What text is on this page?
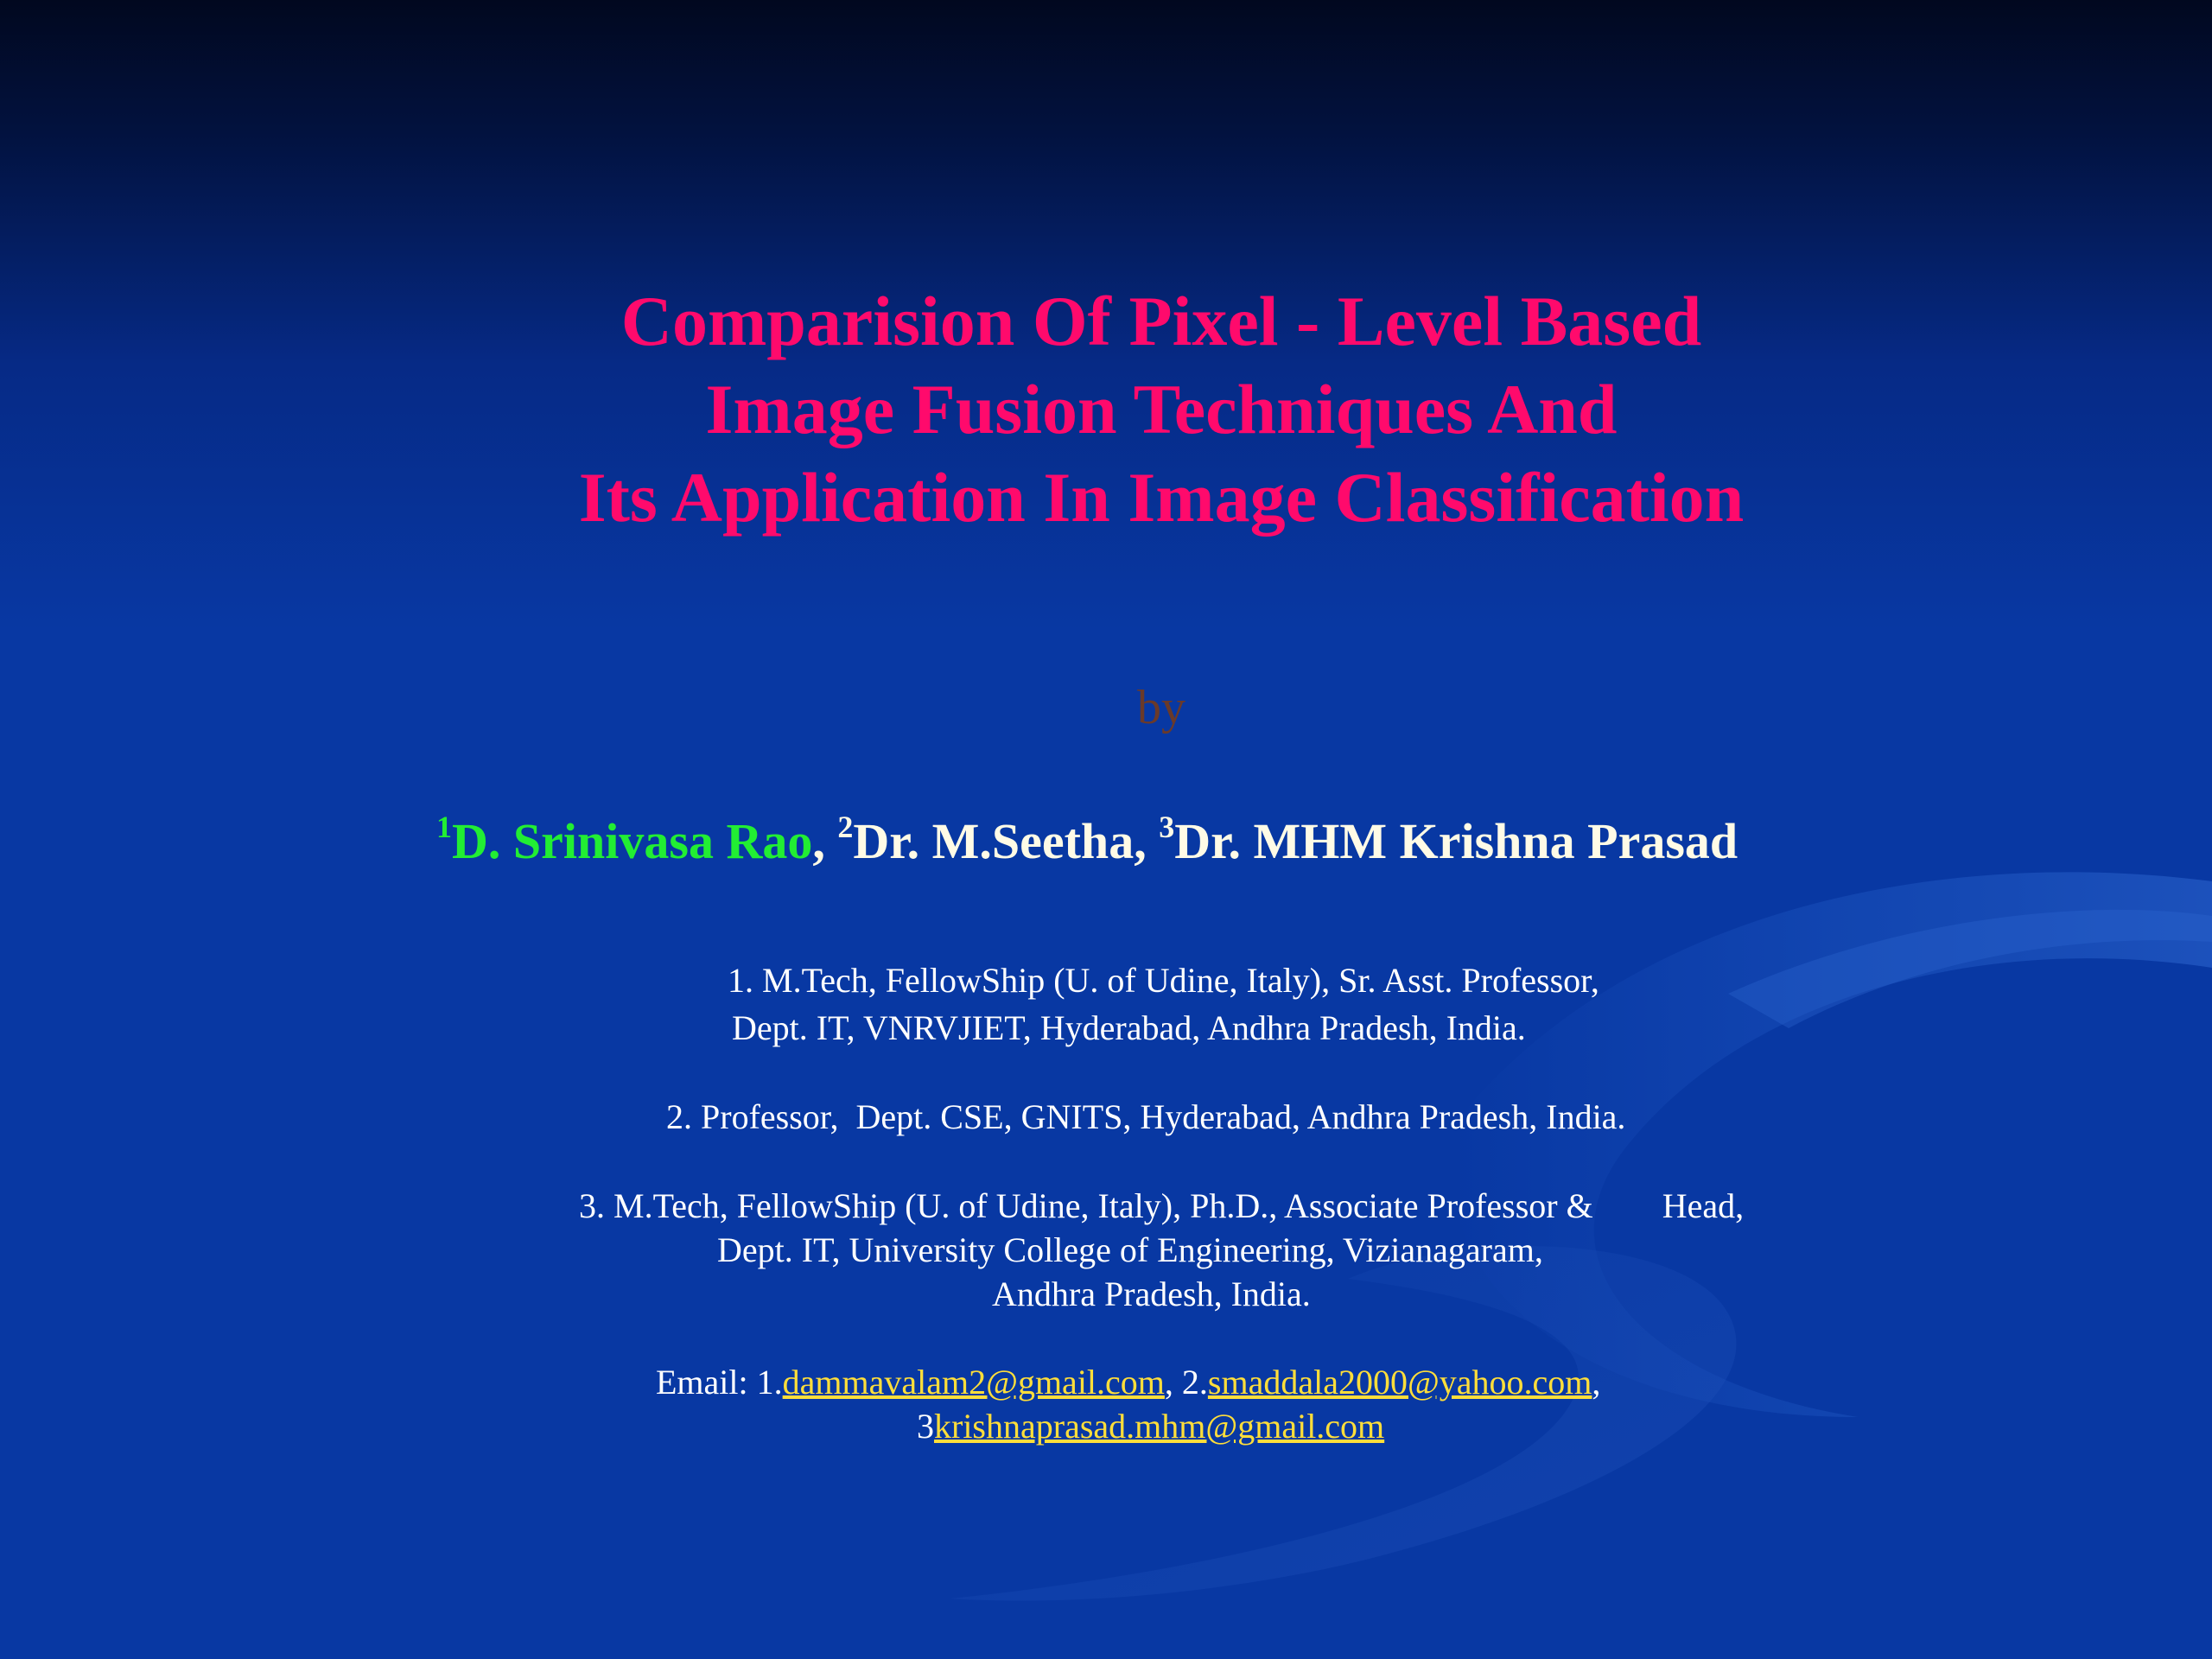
Comparision Of Pixel - Level Based
Image Fusion Techniques And
Its Application In Image Classification
by
$^1$D. Srinivasa Rao, $^2$Dr. M.Seetha, $^3$Dr. MHM Krishna Prasad
1. M.Tech, FellowShip (U. of Udine, Italy), Sr. Asst. Professor,
Dept. IT, VNRVJIET, Hyderabad, Andhra Pradesh, India.
2. Professor,  Dept. CSE, GNITS, Hyderabad, Andhra Pradesh, India.
3. M.Tech, FellowShip (U. of Udine, Italy), Ph.D., Associate Professor &        Head,
Dept. IT, University College of Engineering, Vizianagaram,
Andhra Pradesh, India.
Email: 1.dammavalam2@gmail.com, 2.smaddala2000@yahoo.com,
3krishnaprasad.mhm@gmail.com
